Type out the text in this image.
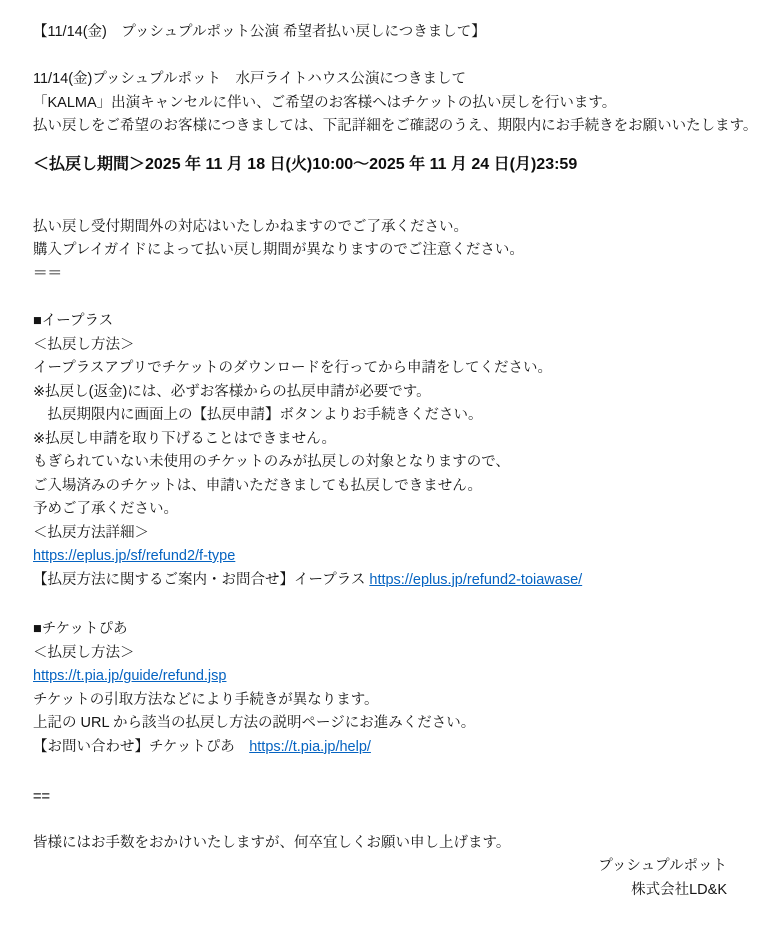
【11/14(金)　プッシュプルポット公演 希望者払い戻しにつきまして】

11/14(金)プッシュプルポット　水戸ライトハウス公演につきまして

「KALMA」出演キャンセルに伴い、ご希望のお客様へはチケットの払い戻しを行います。

払い戻しをご希望のお客様につきましては、下記詳細をご確認のうえ、期限内にお手続きをお願いいたします。

＜払戻し期間＞2025 年 11 月 18 日(火)10:00～2025 年 11 月 24 日(月)23:59

払い戻し受付期間外の対応はいたしかねますのでご了承ください。

購入プレイガイドによって払い戻し期間が異なりますのでご注意ください。

＝＝

■イープラス

＜払戻し方法＞

イープラスアプリでチケットのダウンロードを行ってから申請をしてください。

※払戻し(返金)には、必ずお客様からの払戻申請が必要です。

　払戻期限内に画面上の【払戻申請】ボタンよりお手続きください。

※払戻し申請を取り下げることはできません。

もぎられていない未使用のチケットのみが払戻しの対象となりますので、

ご入場済みのチケットは、申請いただきましても払戻しできません。

予めご了承ください。

＜払戻方法詳細＞

https://eplus.jp/sf/refund2/f-type

【払戻方法に関するご案内・お問合せ】イープラス https://eplus.jp/refund2-toiawase/

■チケットぴあ

＜払戻し方法＞

https://t.pia.jp/guide/refund.jsp

チケットの引取方法などにより手続きが異なります。

上記の URL から該当の払戻し方法の説明ページにお進みください。

【お問い合わせ】チケットぴあ　https://t.pia.jp/help/

==

皆様にはお手数をおかけいたしますが、何卒宜しくお願い申し上げます。

プッシュプルポット

株式会社LD&K
